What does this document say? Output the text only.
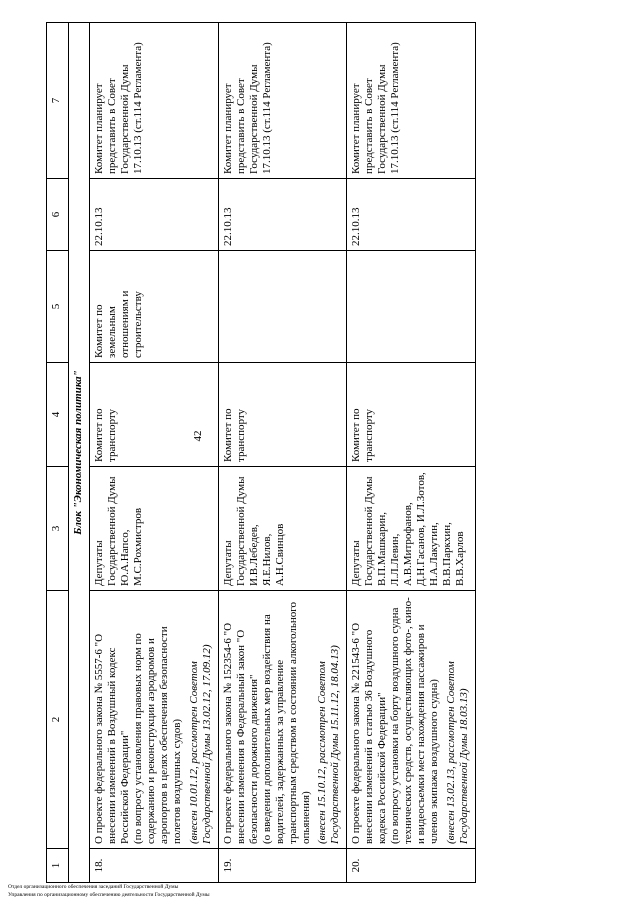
42
1	2	3	4	5	6	7
Блок "Экономическая политика"						
18.	О проекте федерального закона № 5557-6 "О внесении изменений в Воздушный кодекс Российской Федерации" (по вопросу установления правовых норм по содержанию и реконструкции аэродромов и аэропортов в целях обеспечения безопасности полетов воздушных судов) (внесен 10.01.12, рассмотрен Советом Государственной Думы 13.02.12, 17.09.12)	Депутаты Государственной Думы Ю.А.Напсо, М.С.Рохмистров	Комитет по транспорту	Комитет по земельным отношениям и строительству	22.10.13	Комитет планирует представить в Совет Государственной Думы 17.10.13 (ст.114 Регламента)
19.	О проекте федерального закона № 152354-6 "О внесении изменения в Федеральный закон "О безопасности дорожного движения" (о введении дополнительных мер воздействия на водителей, задержанных за управление транспортным средством в состоянии алкогольного опьянения) (внесен 15.10.12, рассмотрен Советом Государственной Думы 15.11.12, 18.04.13)	Депутаты Государственной Думы И.В.Лебедев, Я.Е.Нилов, А.Н.Свинцов	Комитет по транспорту		22.10.13	Комитет планирует представить в Совет Государственной Думы 17.10.13 (ст.114 Регламента)
20.	О проекте федерального закона № 221543-6 "О внесении изменений в статью 36 Воздушного кодекса Российской Федерации" (по вопросу установки на борту воздушного судна технических средств, осуществляющих фото-, кино- и видеосъемки мест нахождения пассажиров и членов экипажа воздушного судна) (внесен 13.02.13, рассмотрен Советом Государственной Думы 18.03.13)	Депутаты Государственной Думы В.П.Машкарин, Л.Л.Левин, А.В.Митрофанов, Д.Н.Гасанов, И.Л.Зотов, Н.А.Лакутин, В.В.Паркхин, В.В.Харлов	Комитет по транспорту		22.10.13	Комитет планирует представить в Совет Государственной Думы 17.10.13 (ст.114 Регламента)
Отдел организационного обеспечения заседаний Государственной Думы
Управления по организационному обеспечению деятельности Государственной Думы
